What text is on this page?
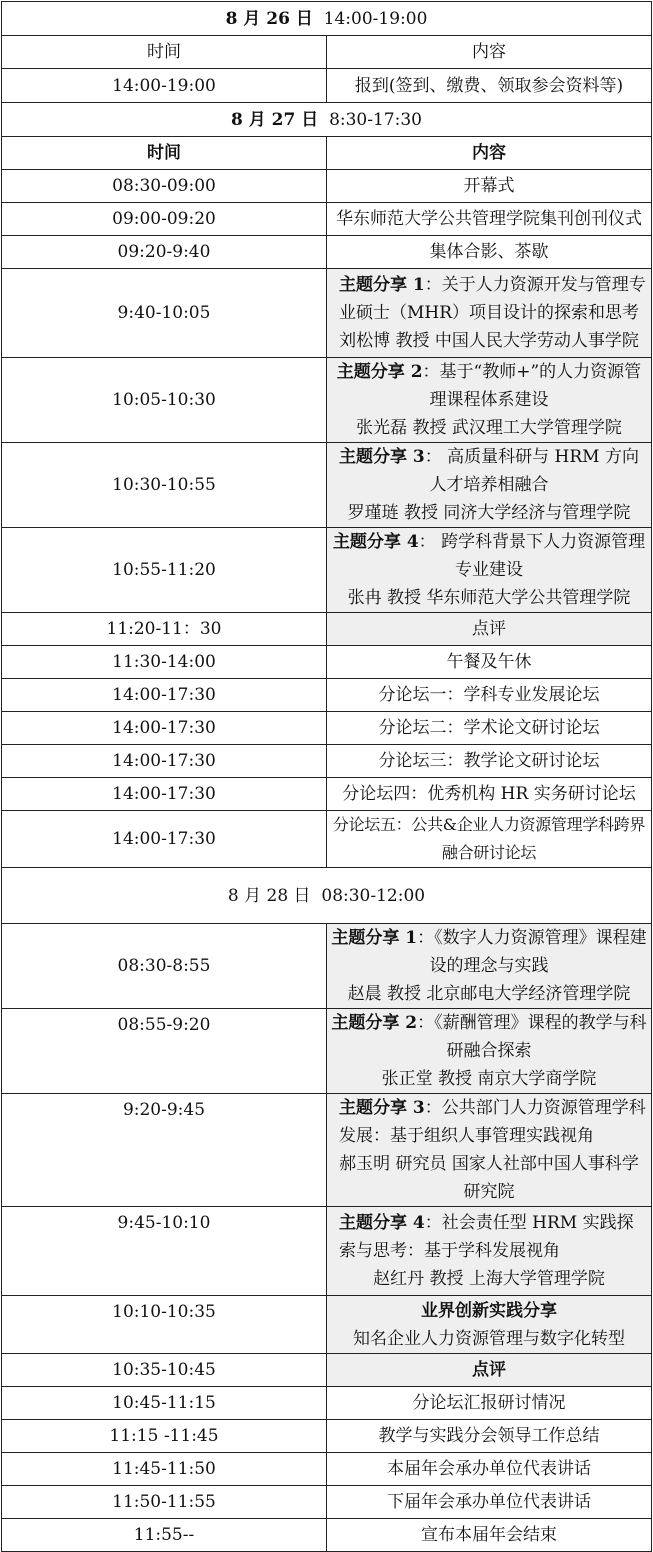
8 月 26 日 14:00-19:00	
时间	内容
14:00-19:00	报到(签到、缴费、领取参会资料等)
8 月 27 日 8:30-17:30	
时间	内容
08:30-09:00	开幕式
09:00-09:20	华东师范大学公共管理学院集刊创刊仪式
09:20-9:40	集体合影、茶歇
9:40-10:05	主题分享 1：关于人力资源开发与管理专业硕士（MHR）项目设计的探索和思考
刘松博 教授 中国人民大学劳动人事学院

10:05-10:30	主题分享 2：基于“教师+”的人力资源管理课程体系建设
张光磊 教授 武汉理工大学管理学院

10:30-10:55	主题分享 3： 高质量科研与 HRM 方向人才培养相融合
罗瑾琏 教授 同济大学经济与管理学院

10:55-11:20	主题分享 4： 跨学科背景下人力资源管理专业建设
张冉 教授 华东师范大学公共管理学院

11:20-11：30	点评
11:30-14:00	午餐及午休
14:00-17:30	分论坛一：学科专业发展论坛
14:00-17:30	分论坛二：学术论文研讨论坛
14:00-17:30	分论坛三：教学论文研讨论坛
14:00-17:30	分论坛四：优秀机构 HR 实务研讨论坛
14:00-17:30	分论坛五：公共&企业人力资源管理学科跨界融合研讨论坛
8 月 28 日 08:30-12:00	
08:30-8:55	主题分享 1：《数字人力资源管理》课程建设的理念与实践
赵晨 教授 北京邮电大学经济管理学院

08:55-9:20	主题分享 2：《薪酬管理》课程的教学与科研融合探索
张正堂 教授 南京大学商学院

9:20-9:45	主题分享 3：公共部门人力资源管理学科发展：基于组织人事管理实践视角
郝玉明 研究员 国家人社部中国人事科学研究院

9:45-10:10	主题分享 4：社会责任型 HRM 实践探索与思考：基于学科发展视角
赵红丹 教授 上海大学管理学院

10:10-10:35	业界创新实践分享
知名企业人力资源管理与数字化转型

10:35-10:45	点评
10:45-11:15	分论坛汇报研讨情况
11:15 -11:45	教学与实践分会领导工作总结
11:45-11:50	本届年会承办单位代表讲话
11:50-11:55	下届年会承办单位代表讲话
11:55--	宣布本届年会结束
